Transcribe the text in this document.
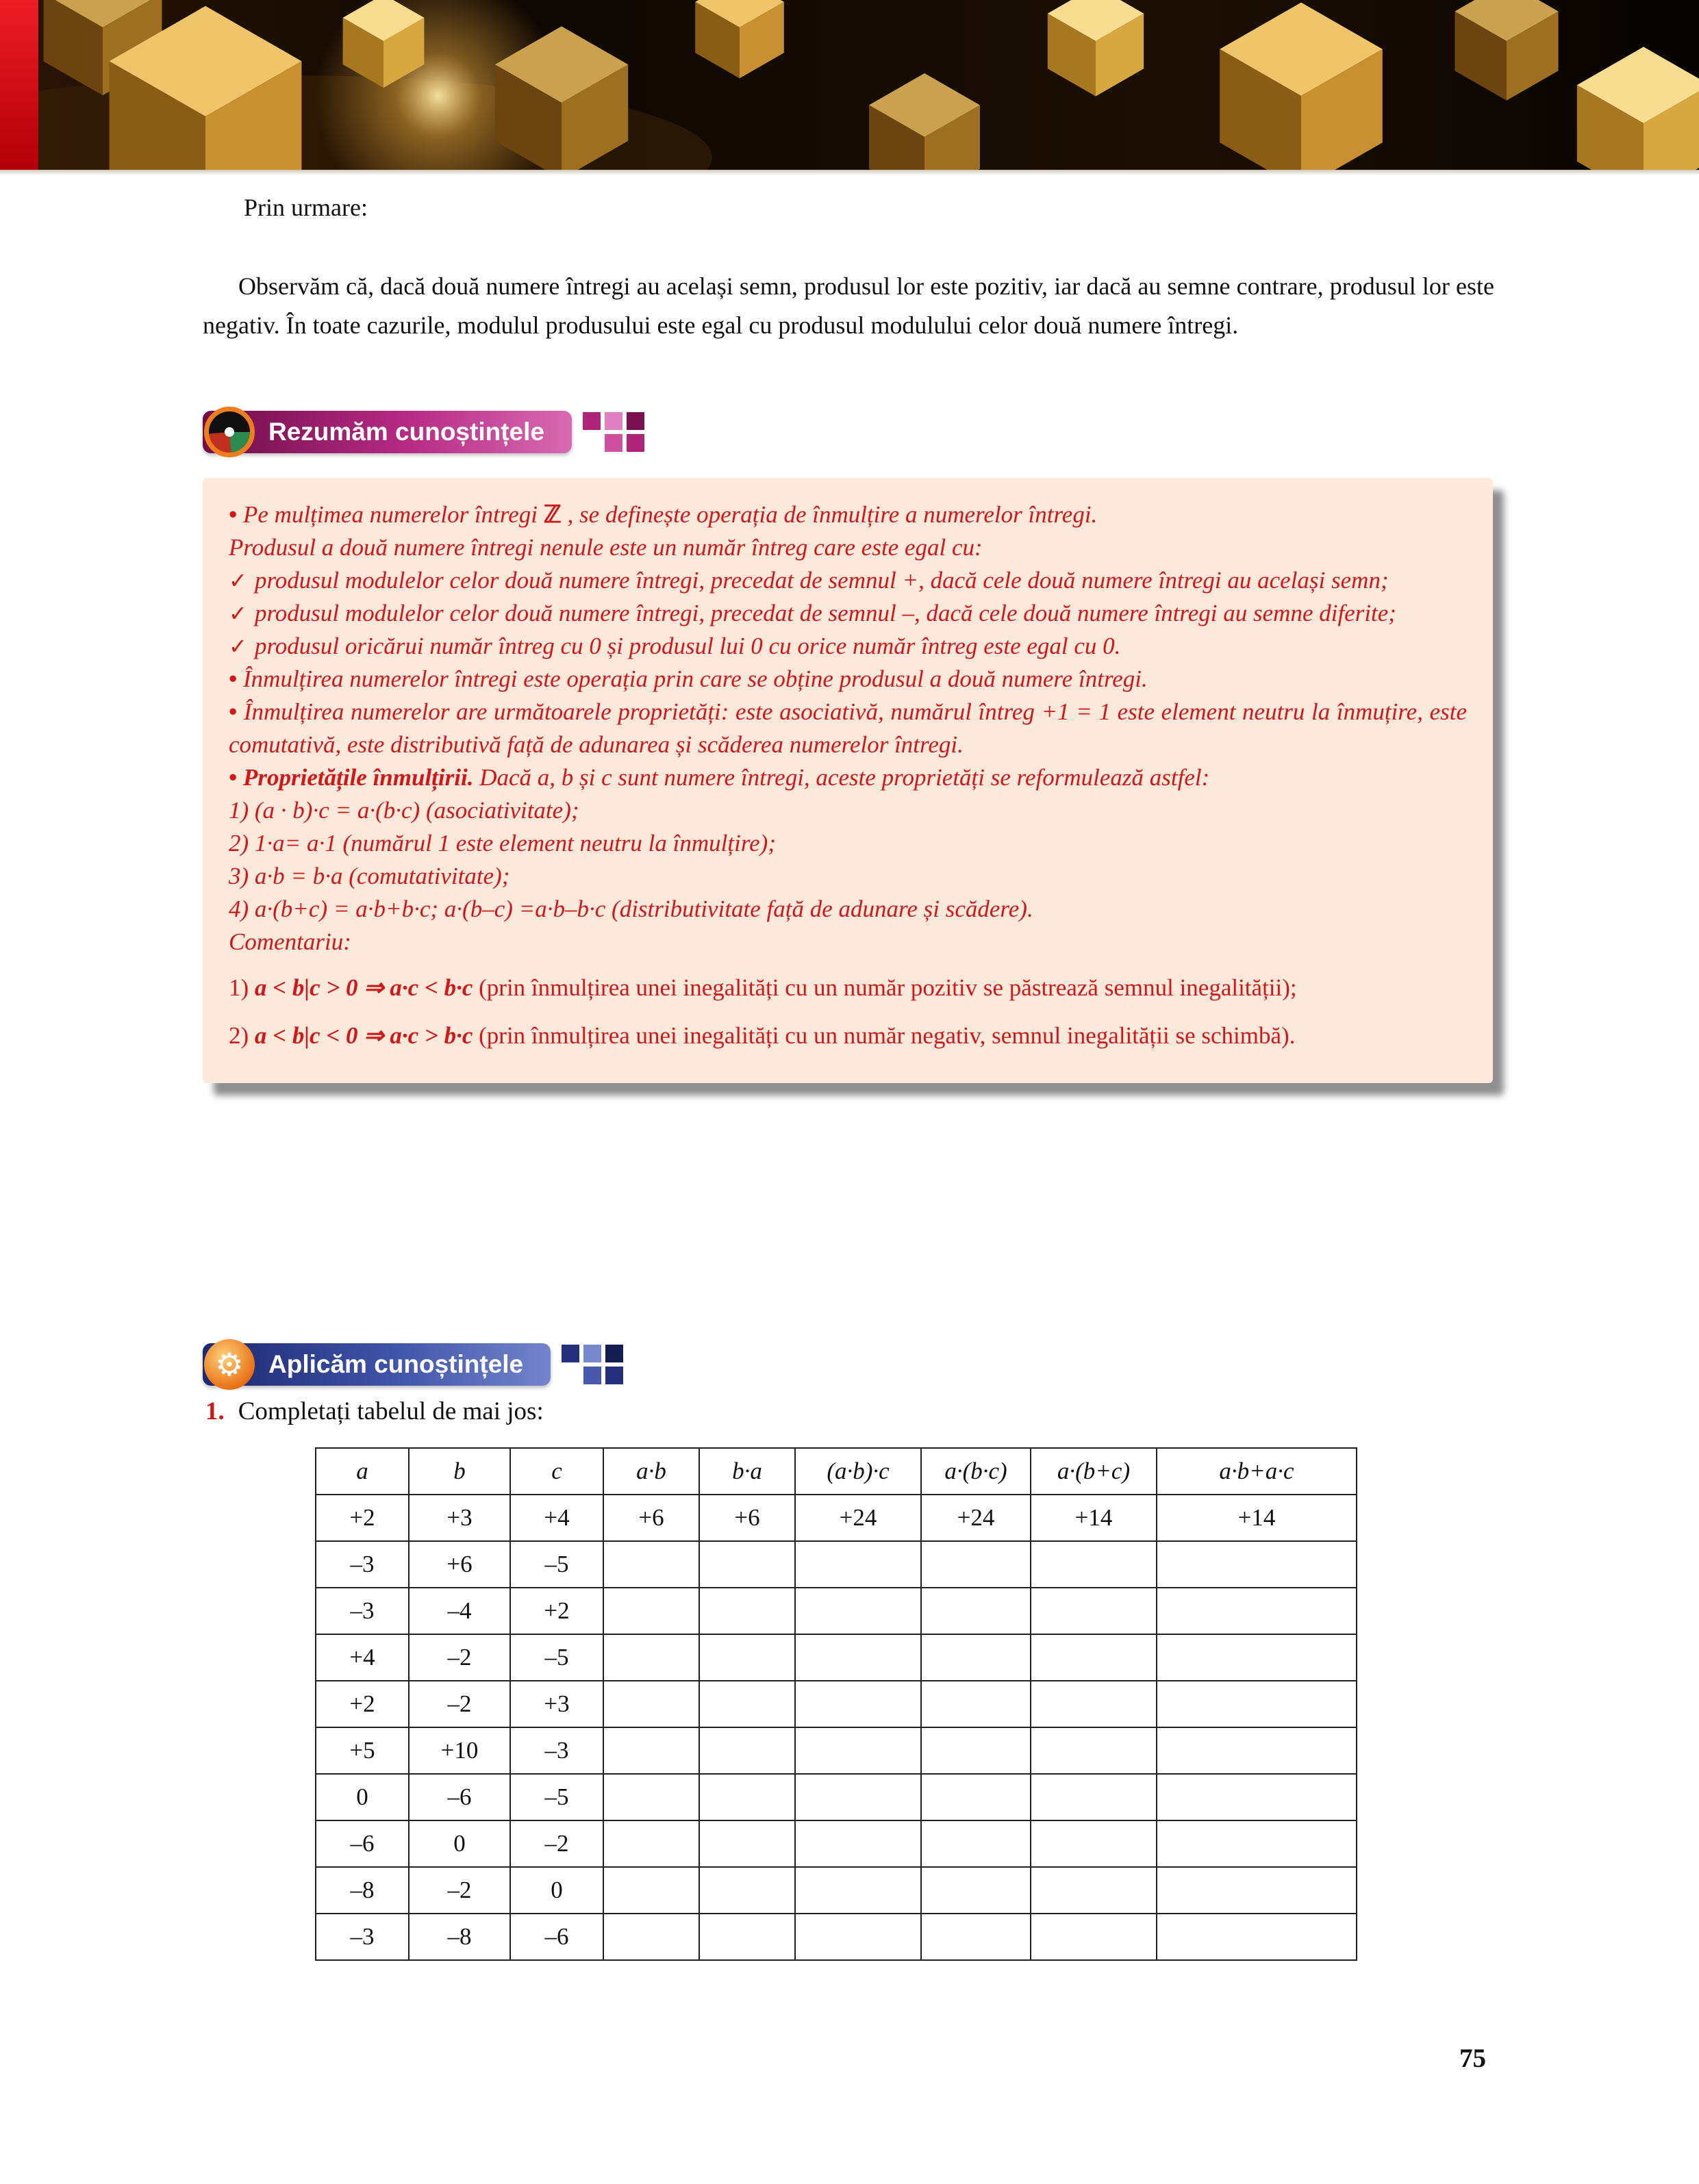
Prin urmare:

Observăm că, dacă două numere întregi au același semn, produsul lor este pozitiv, iar dacă au semne contrare, produsul lor este negativ. În toate cazurile, modulul produsului este egal cu produsul modulului celor două numere întregi.

Rezumăm cunoștințele
• Pe mulțimea numerelor întregi ℤ , se definește operația de înmulțire a numerelor întregi.
Produsul a două numere întregi nenule este un număr întreg care este egal cu:
✓ produsul modulelor celor două numere întregi, precedat de semnul +, dacă cele două numere întregi au același semn;
✓ produsul modulelor celor două numere întregi, precedat de semnul –, dacă cele două numere întregi au semne diferite;
✓ produsul oricărui număr întreg cu 0 și produsul lui 0 cu orice număr întreg este egal cu 0.
• Înmulțirea numerelor întregi este operația prin care se obține produsul a două numere întregi.
• Înmulțirea numerelor are următoarele proprietăți: este asociativă, numărul întreg +1 = 1 este element neutru la înmuțire, este comutativă, este distributivă față de adunarea și scăderea numerelor întregi.
• Proprietățile înmulțirii. Dacă a, b și c sunt numere întregi, aceste proprietăți se reformulează astfel:
1) (a · b)·c = a·(b·c) (asociativitate);
2) 1·a= a·1 (numărul 1 este element neutru la înmulțire);
3) a·b = b·a (comutativitate);
4) a·(b+c) = a·b+b·c; a·(b–c) =a·b–b·c (distributivitate față de adunare și scădere).
Comentariu:
1) a < b|c > 0 ⇒ a·c < b·c (prin înmulțirea unei inegalități cu un număr pozitiv se păstrează semnul inegalității);
2) a < b|c < 0 ⇒ a·c > b·c (prin înmulțirea unei inegalități cu un număr negativ, semnul inegalității se schimbă).
⚙
Aplicăm cunoștințele
1. Completați tabelul de mai jos:
a	b	c	a·b	b·a	(a·b)·c	a·(b·c)	a·(b+c)	a·b+a·c
+2	+3	+4	+6	+6	+24	+24	+14	+14
–3	+6	–5						
–3	–4	+2						
+4	–2	–5						
+2	–2	+3						
+5	+10	–3						
0	–6	–5						
–6	0	–2						
–8	–2	0						
–3	–8	–6						
75
